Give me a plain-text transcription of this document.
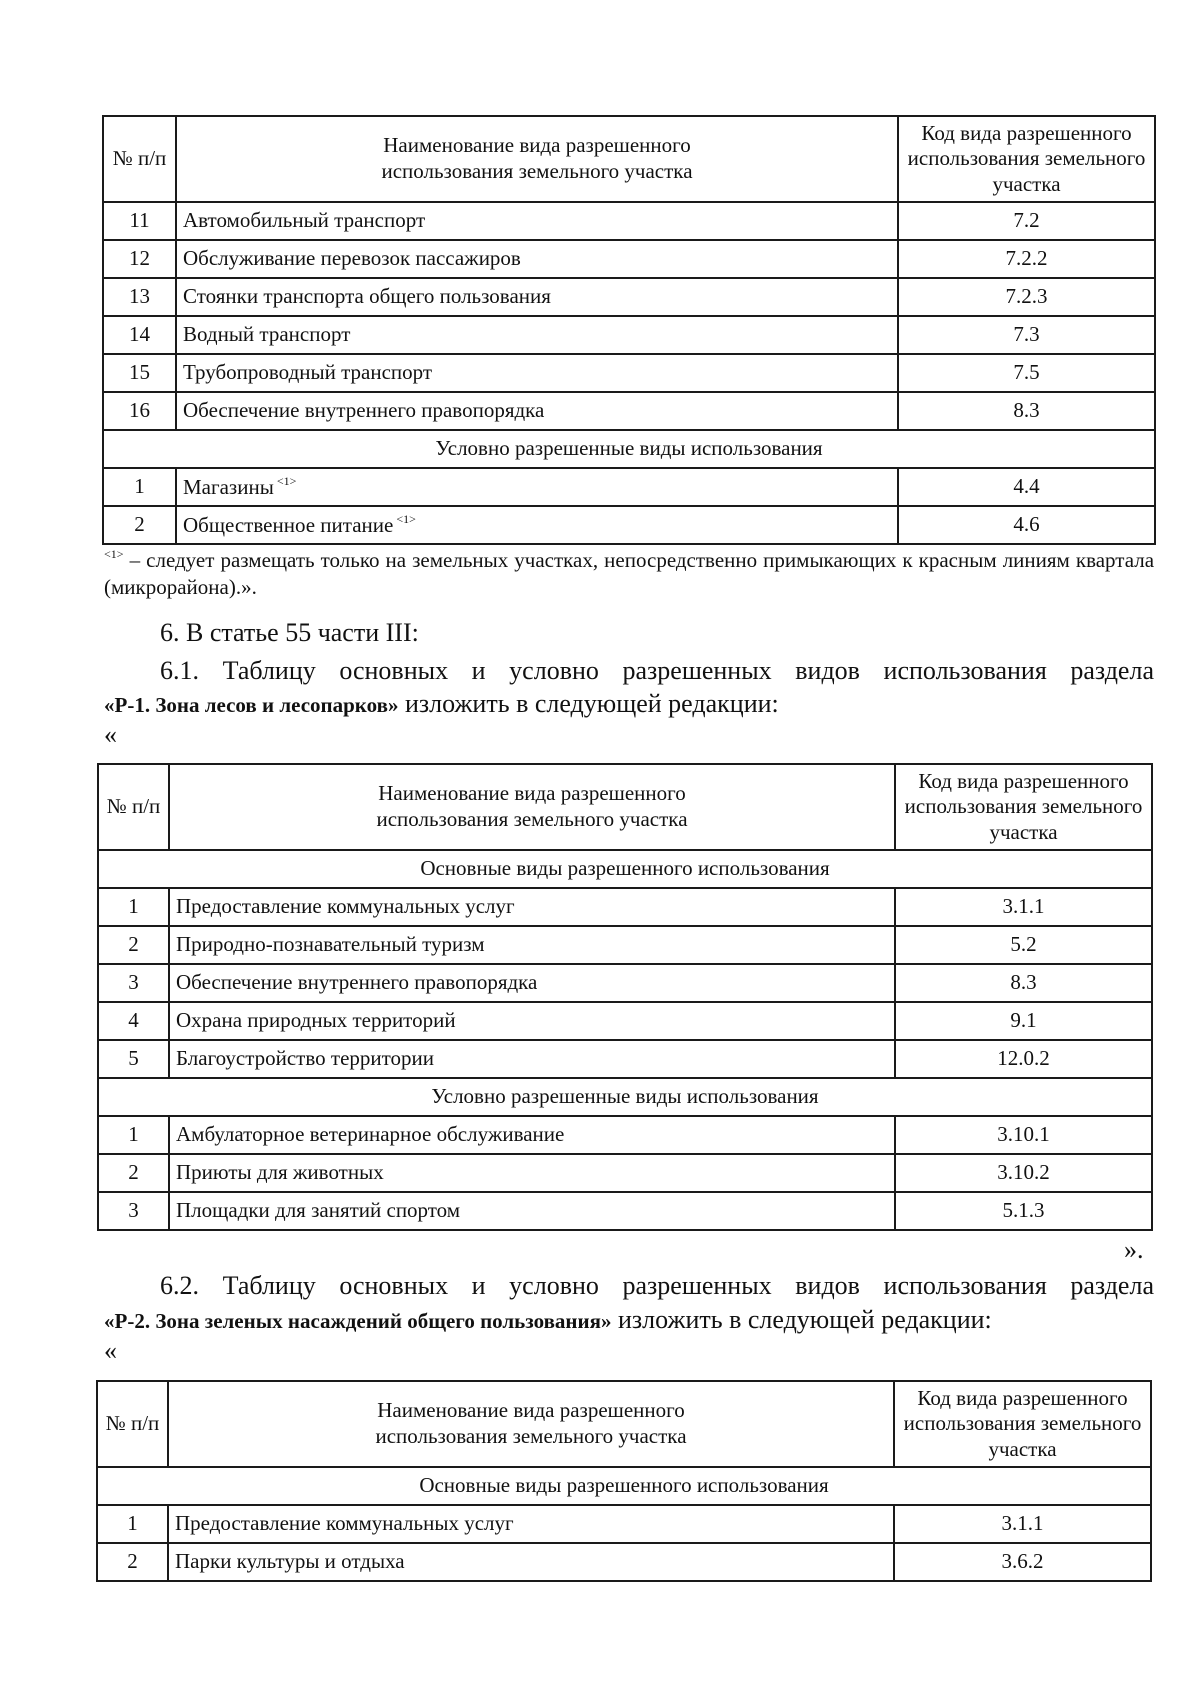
№ п/п	Наименование вида разрешенного использования земельного участка	Код вида разрешенного использования земельного участка
11	Автомобильный транспорт	7.2
12	Обслуживание перевозок пассажиров	7.2.2
13	Стоянки транспорта общего пользования	7.2.3
14	Водный транспорт	7.3
15	Трубопроводный транспорт	7.5
16	Обеспечение внутреннего правопорядка	8.3
Условно разрешенные виды использования		
1	Магазины $^{<1>}$	4.4
2	Общественное питание $^{<1>}$	4.6
$^{<1>}$ – следует размещать только на земельных участках, непосредственно примыкающих к красным линиям квартала (микрорайона).».
6. В статье 55 части III:
6.1. Таблицу основных и условно разрешенных видов использования раздела
«Р-1. Зона лесов и лесопарков» изложить в следующей редакции:
«
№ п/п	Наименование вида разрешенного использования земельного участка	Код вида разрешенного использования земельного участка
Основные виды разрешенного использования		
1	Предоставление коммунальных услуг	3.1.1
2	Природно-познавательный туризм	5.2
3	Обеспечение внутреннего правопорядка	8.3
4	Охрана природных территорий	9.1
5	Благоустройство территории	12.0.2
Условно разрешенные виды использования		
1	Амбулаторное ветеринарное обслуживание	3.10.1
2	Приюты для животных	3.10.2
3	Площадки для занятий спортом	5.1.3
».
6.2. Таблицу основных и условно разрешенных видов использования раздела
«Р-2. Зона зеленых насаждений общего пользования» изложить в следующей редакции:
«
№ п/п	Наименование вида разрешенного использования земельного участка	Код вида разрешенного использования земельного участка
Основные виды разрешенного использования		
1	Предоставление коммунальных услуг	3.1.1
2	Парки культуры и отдыха	3.6.2
